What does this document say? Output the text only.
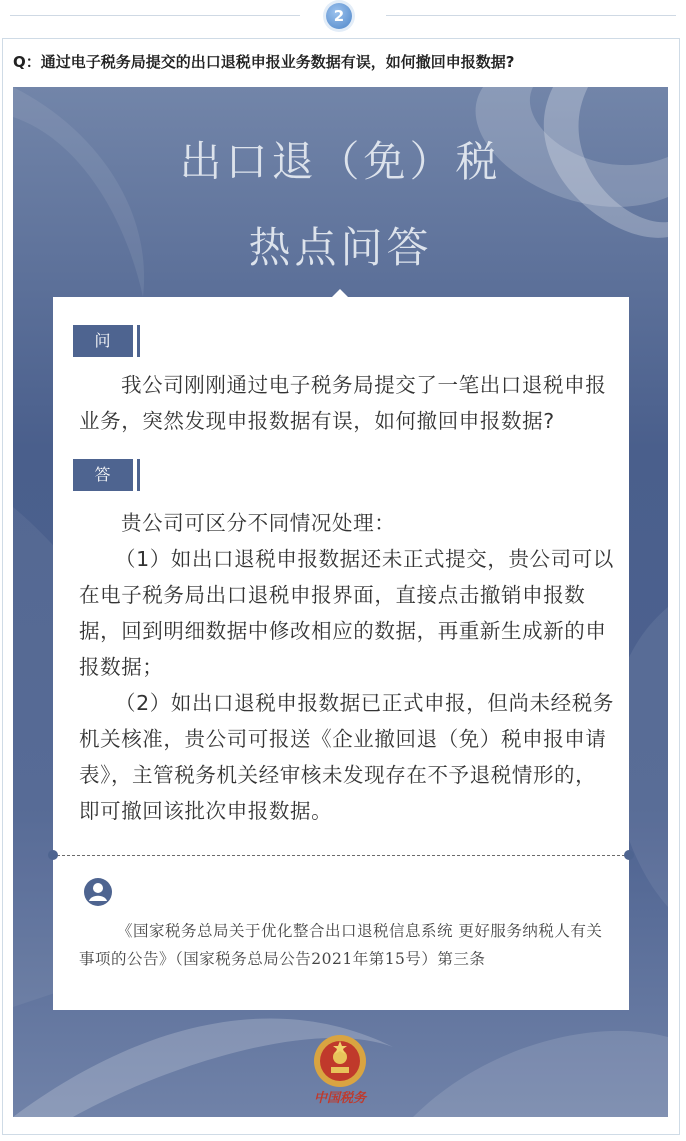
2
Q：通过电子税务局提交的出口退税申报业务数据有误，如何撤回申报数据?
出口退（免）税
热点问答
问

我公司刚刚通过电子税务局提交了一笔出口退税申报业务，突然发现申报数据有误，如何撤回申报数据?

答

贵公司可区分不同情况处理：

（1）如出口退税申报数据还未正式提交，贵公司可以在电子税务局出口退税申报界面，直接点击撤销申报数据，回到明细数据中修改相应的数据，再重新生成新的申报数据；

（2）如出口退税申报数据已正式申报，但尚未经税务机关核准，贵公司可报送《企业撤回退（免）税申报申请表》，主管税务机关经审核未发现存在不予退税情形的，即可撤回该批次申报数据。

《国家税务总局关于优化整合出口退税信息系统 更好服务纳税人有关事项的公告》（国家税务总局公告2021年第15号）第三条
中国税务
